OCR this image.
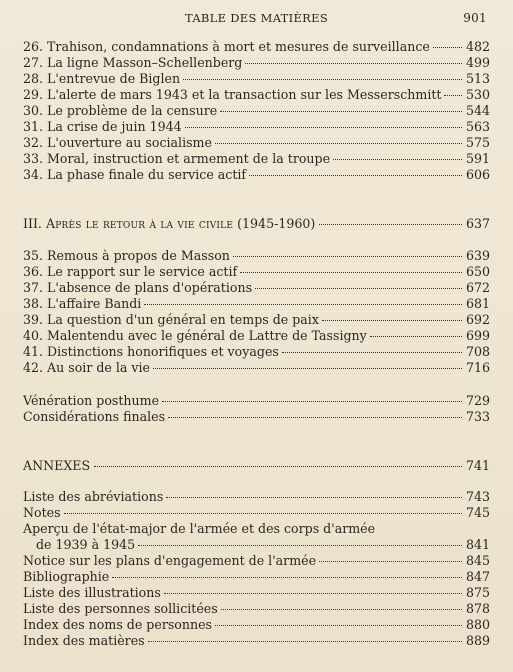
TABLE DES MATIÈRES	901
26. Trahison, condamnations à mort et mesures de surveillance	482
27. La ligne Masson–Schellenberg	499
28. L'entrevue de Biglen	513
29. L'alerte de mars 1943 et la transaction sur les Messerschmitt 530
30. Le problème de la censure	544
31. La crise de juin 1944	563
32. L'ouverture au socialisme	575
33. Moral, instruction et armement de la troupe	591
34. La phase finale du service actif	606
III. Après le retour à la vie civile (1945-1960)	637
35. Remous à propos de Masson	639
36. Le rapport sur le service actif	650
37. L'absence de plans d'opérations	672
38. L'affaire Bandi	681
39. La question d'un général en temps de paix	692
40. Malentendu avec le général de Lattre de Tassigny	699
41. Distinctions honorifiques et voyages	708
42. Au soir de la vie	716
Vénération posthume	729
Considérations finales	733
ANNEXES	741
Liste des abréviations	743
Notes	745
Aperçu de l'état-major de l'armée et des corps d'armée
de 1939 à 1945	841
Notice sur les plans d'engagement de l'armée	845
Bibliographie	847
Liste des illustrations	875
Liste des personnes sollicitées	878
Index des noms de personnes	880
Index des matières	889
